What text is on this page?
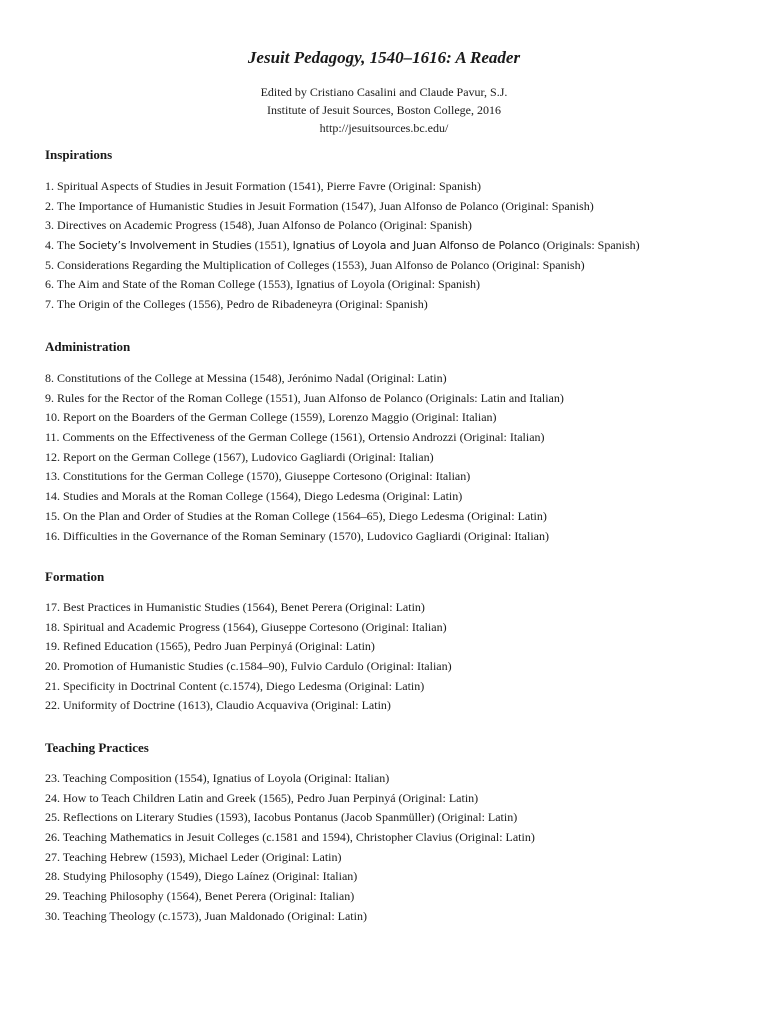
Jesuit Pedagogy, 1540–1616: A Reader
Edited by Cristiano Casalini and Claude Pavur, S.J.
Institute of Jesuit Sources, Boston College, 2016
http://jesuitsources.bc.edu/
Inspirations
1. Spiritual Aspects of Studies in Jesuit Formation (1541), Pierre Favre (Original: Spanish)
2. The Importance of Humanistic Studies in Jesuit Formation (1547), Juan Alfonso de Polanco (Original: Spanish)
3. Directives on Academic Progress (1548), Juan Alfonso de Polanco (Original: Spanish)
4. The Society’s Involvement in Studies (1551), Ignatius of Loyola and Juan Alfonso de Polanco (Originals: Spanish)
5. Considerations Regarding the Multiplication of Colleges (1553), Juan Alfonso de Polanco (Original: Spanish)
6. The Aim and State of the Roman College (1553), Ignatius of Loyola (Original: Spanish)
7. The Origin of the Colleges (1556), Pedro de Ribadeneyra (Original: Spanish)
Administration
8. Constitutions of the College at Messina (1548), Jerónimo Nadal (Original: Latin)
9. Rules for the Rector of the Roman College (1551), Juan Alfonso de Polanco (Originals: Latin and Italian)
10. Report on the Boarders of the German College (1559), Lorenzo Maggio (Original: Italian)
11. Comments on the Effectiveness of the German College (1561), Ortensio Androzzi (Original: Italian)
12. Report on the German College (1567), Ludovico Gagliardi (Original: Italian)
13. Constitutions for the German College (1570), Giuseppe Cortesono (Original: Italian)
14. Studies and Morals at the Roman College (1564), Diego Ledesma (Original: Latin)
15. On the Plan and Order of Studies at the Roman College (1564–65), Diego Ledesma (Original: Latin)
16. Difficulties in the Governance of the Roman Seminary (1570), Ludovico Gagliardi (Original: Italian)
Formation
17. Best Practices in Humanistic Studies (1564), Benet Perera (Original: Latin)
18. Spiritual and Academic Progress (1564), Giuseppe Cortesono (Original: Italian)
19. Refined Education (1565), Pedro Juan Perpinyá (Original: Latin)
20. Promotion of Humanistic Studies (c.1584–90), Fulvio Cardulo (Original: Italian)
21. Specificity in Doctrinal Content (c.1574), Diego Ledesma (Original: Latin)
22. Uniformity of Doctrine (1613), Claudio Acquaviva (Original: Latin)
Teaching Practices
23. Teaching Composition (1554), Ignatius of Loyola (Original: Italian)
24. How to Teach Children Latin and Greek (1565), Pedro Juan Perpinyá (Original: Latin)
25. Reflections on Literary Studies (1593), Iacobus Pontanus (Jacob Spanmüller) (Original: Latin)
26. Teaching Mathematics in Jesuit Colleges (c.1581 and 1594), Christopher Clavius (Original: Latin)
27. Teaching Hebrew (1593), Michael Leder (Original: Latin)
28. Studying Philosophy (1549), Diego Laínez (Original: Italian)
29. Teaching Philosophy (1564), Benet Perera (Original: Italian)
30. Teaching Theology (c.1573), Juan Maldonado (Original: Latin)
